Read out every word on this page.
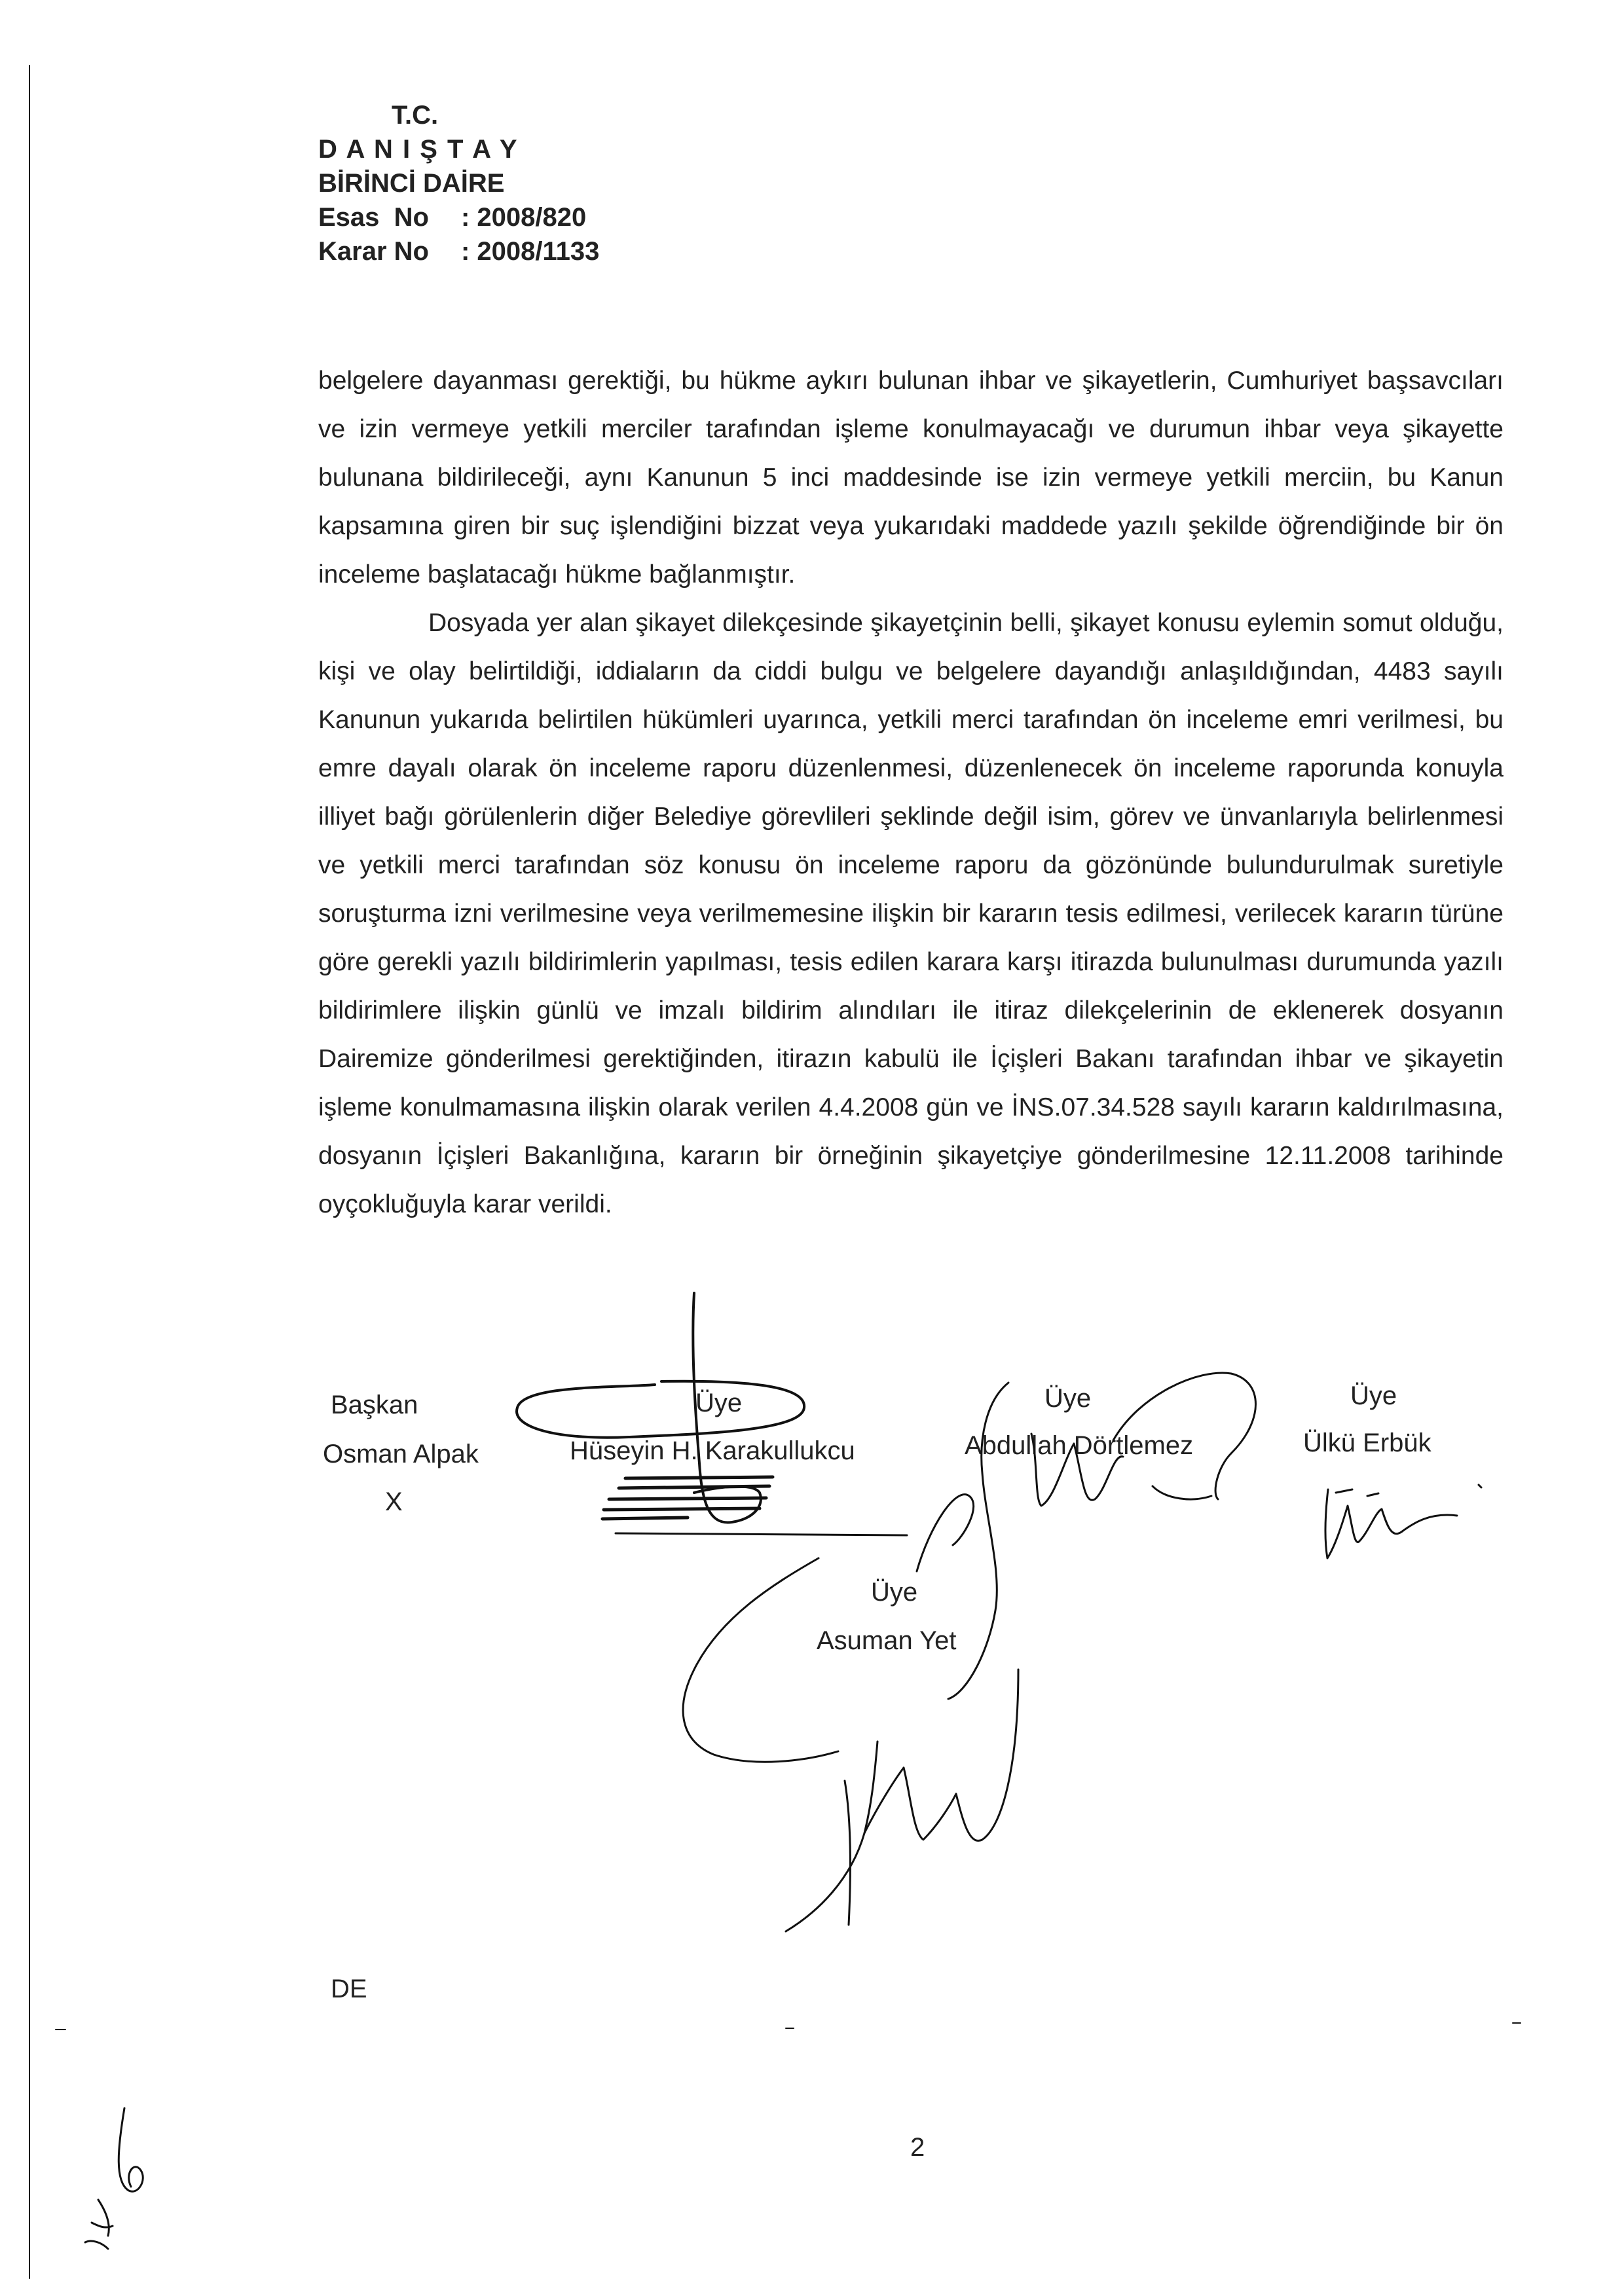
T.C.
D A N I Ş T A Y
BİRİNCİ DAİRE
Esas  No : 2008/820
Karar No : 2008/1133

belgelere dayanması gerektiği, bu hükme aykırı bulunan ihbar ve şikayetlerin, Cumhuriyet başsavcıları ve izin vermeye yetkili merciler tarafından işleme konulmayacağı ve durumun ihbar veya şikayette bulunana bildirileceği, aynı Kanunun 5 inci maddesinde ise izin vermeye yetkili merciin, bu Kanun kapsamına giren bir suç işlendiğini bizzat veya yukarıdaki maddede yazılı şekilde öğrendiğinde bir ön inceleme başlatacağı hükme bağlanmıştır.

Dosyada yer alan şikayet dilekçesinde şikayetçinin belli, şikayet konusu eylemin somut olduğu, kişi ve olay belirtildiği, iddiaların da ciddi bulgu ve belgelere dayandığı anlaşıldığından, 4483 sayılı Kanunun yukarıda belirtilen hükümleri uyarınca, yetkili merci tarafından ön inceleme emri verilmesi, bu emre dayalı olarak ön inceleme raporu düzenlenmesi, düzenlenecek ön inceleme raporunda konuyla illiyet bağı görülenlerin diğer Belediye görevlileri şeklinde değil isim, görev ve ünvanlarıyla belirlenmesi ve yetkili merci tarafından söz konusu ön inceleme raporu da gözönünde bulundurulmak suretiyle soruşturma izni verilmesine veya verilmemesine ilişkin bir kararın tesis edilmesi, verilecek kararın türüne göre gerekli yazılı bildirimlerin yapılması, tesis edilen karara karşı itirazda bulunulması durumunda yazılı bildirimlere ilişkin günlü ve imzalı bildirim alındıları ile itiraz dilekçelerinin de eklenerek dosyanın Dairemize gönderilmesi gerektiğinden, itirazın kabulü ile İçişleri Bakanı tarafından ihbar ve şikayetin işleme konulmamasına ilişkin olarak verilen 4.4.2008 gün ve İNS.07.34.528 sayılı kararın kaldırılmasına, dosyanın İçişleri Bakanlığına, kararın bir örneğinin şikayetçiye gönderilmesine 12.11.2008 tarihinde oyçokluğuyla karar verildi.

Başkan
Osman Alpak
X
Üye
Hüseyin H. Karakullukcu
Üye
Abdullah Dörtlemez
Üye
Ülkü Erbük
Üye
Asuman Yet
DE
2
